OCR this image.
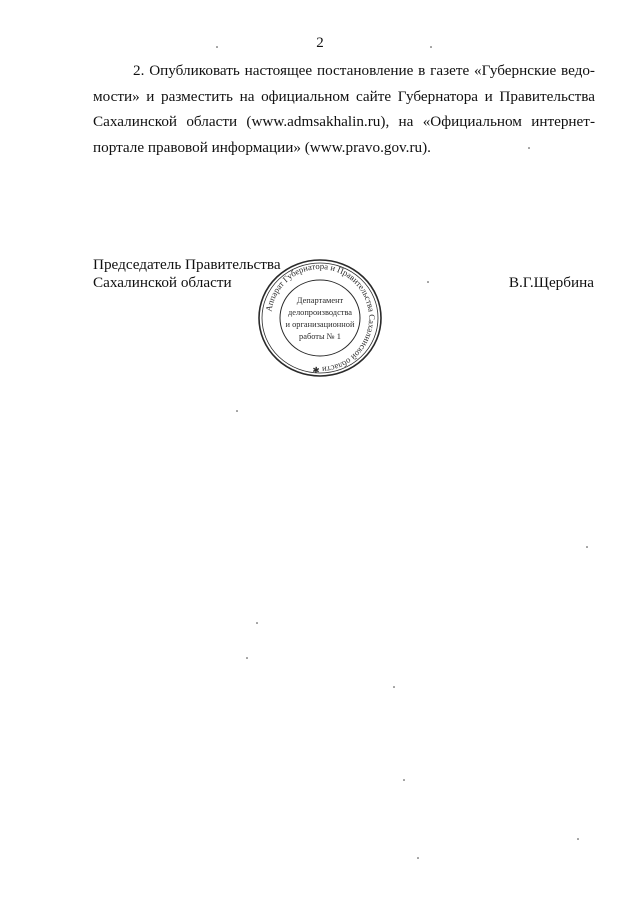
2
2. Опубликовать настоящее постановление в газете «Губернские ведо-
мости» и разместить на официальном сайте Губернатора и Правительства
Сахалинской области (www.admsakhalin.ru), на «Официальном интернет-
портале правовой информации» (www.pravo.gov.ru).
Председатель Правительства
Сахалинской области	В.Г.Щербина
Аппарат Губернатора и Правительства Сахалинской области ✱
Департамент
делопроизводства
и организационной
работы № 1
